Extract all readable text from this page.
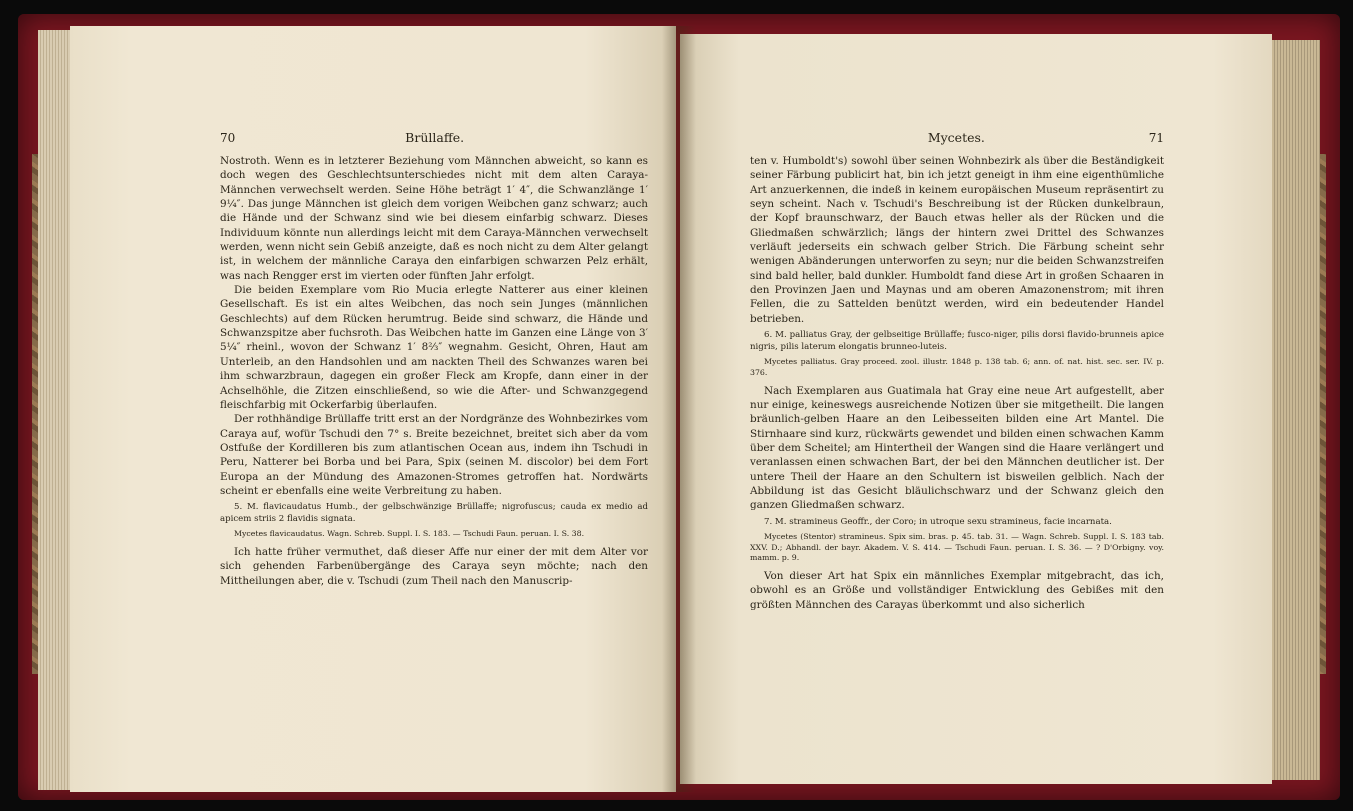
70	Brüllaffe.

Nostroth. Wenn es in letzterer Beziehung vom Männchen abweicht, so kann es doch wegen des Geschlechtsunterschiedes nicht mit dem alten Caraya-Männchen verwechselt werden. Seine Höhe beträgt 1′ 4″, die Schwanzlänge 1′ 9¼″. Das junge Männchen ist gleich dem vorigen Weibchen ganz schwarz; auch die Hände und der Schwanz sind wie bei diesem einfarbig schwarz. Dieses Individuum könnte nun allerdings leicht mit dem Caraya-Männchen verwechselt werden, wenn nicht sein Gebiß anzeigte, daß es noch nicht zu dem Alter gelangt ist, in welchem der männliche Caraya den einfarbigen schwarzen Pelz erhält, was nach Rengger erst im vierten oder fünften Jahr erfolgt.

Die beiden Exemplare vom Rio Mucia erlegte Natterer aus einer kleinen Gesellschaft. Es ist ein altes Weibchen, das noch sein Junges (männlichen Geschlechts) auf dem Rücken herumtrug. Beide sind schwarz, die Hände und Schwanzspitze aber fuchsroth. Das Weibchen hatte im Ganzen eine Länge von 3′ 5¼″ rheinl., wovon der Schwanz 1′ 8⅔″ wegnahm. Gesicht, Ohren, Haut am Unterleib, an den Handsohlen und am nackten Theil des Schwanzes waren bei ihm schwarzbraun, dagegen ein großer Fleck am Kropfe, dann einer in der Achselhöhle, die Zitzen einschließend, so wie die After- und Schwanzgegend fleischfarbig mit Ockerfarbig überlaufen.

Der rothhändige Brüllaffe tritt erst an der Nordgränze des Wohnbezirkes vom Caraya auf, wofür Tschudi den 7° s. Breite bezeichnet, breitet sich aber da vom Ostfuße der Kordilleren bis zum atlantischen Ocean aus, indem ihn Tschudi in Peru, Natterer bei Borba und bei Para, Spix (seinen M. discolor) bei dem Fort Europa an der Mündung des Amazonen-Stromes getroffen hat. Nordwärts scheint er ebenfalls eine weite Verbreitung zu haben.

5. M. flavicaudatus Humb., der gelbschwänzige Brüllaffe; nigrofuscus; cauda ex medio ad apicem striis 2 flavidis signata.

Mycetes flavicaudatus. Wagn. Schreb. Suppl. I. S. 183. — Tschudi Faun. peruan. I. S. 38.

Ich hatte früher vermuthet, daß dieser Affe nur einer der mit dem Alter vor sich gehenden Farbenübergänge des Caraya seyn möchte; nach den Mittheilungen aber, die v. Tschudi (zum Theil nach den Manuscrip-

Mycetes.	71

ten v. Humboldt's) sowohl über seinen Wohnbezirk als über die Beständigkeit seiner Färbung publicirt hat, bin ich jetzt geneigt in ihm eine eigenthümliche Art anzuerkennen, die indeß in keinem europäischen Museum repräsentirt zu seyn scheint. Nach v. Tschudi's Beschreibung ist der Rücken dunkelbraun, der Kopf braunschwarz, der Bauch etwas heller als der Rücken und die Gliedmaßen schwärzlich; längs der hintern zwei Drittel des Schwanzes verläuft jederseits ein schwach gelber Strich. Die Färbung scheint sehr wenigen Abänderungen unterworfen zu seyn; nur die beiden Schwanzstreifen sind bald heller, bald dunkler. Humboldt fand diese Art in großen Schaaren in den Provinzen Jaen und Maynas und am oberen Amazonenstrom; mit ihren Fellen, die zu Sattelden benützt werden, wird ein bedeutender Handel betrieben.

6. M. palliatus Gray, der gelbseitige Brüllaffe; fusco-niger, pilis dorsi flavido-brunneis apice nigris, pilis laterum elongatis brunneo-luteis.

Mycetes palliatus. Gray proceed. zool. illustr. 1848 p. 138 tab. 6; ann. of. nat. hist. sec. ser. IV. p. 376.

Nach Exemplaren aus Guatimala hat Gray eine neue Art aufgestellt, aber nur einige, keineswegs ausreichende Notizen über sie mitgetheilt. Die langen bräunlich-gelben Haare an den Leibesseiten bilden eine Art Mantel. Die Stirnhaare sind kurz, rückwärts gewendet und bilden einen schwachen Kamm über dem Scheitel; am Hintertheil der Wangen sind die Haare verlängert und veranlassen einen schwachen Bart, der bei den Männchen deutlicher ist. Der untere Theil der Haare an den Schultern ist bisweilen gelblich. Nach der Abbildung ist das Gesicht bläulichschwarz und der Schwanz gleich den ganzen Gliedmaßen schwarz.

7. M. stramineus Geoffr., der Coro; in utroque sexu stramineus, facie incarnata.

Mycetes (Stentor) stramineus. Spix sim. bras. p. 45. tab. 31. — Wagn. Schreb. Suppl. I. S. 183 tab. XXV. D.; Abhandl. der bayr. Akadem. V. S. 414. — Tschudi Faun. peruan. I. S. 36. — ? D'Orbigny. voy. mamm. p. 9.

Von dieser Art hat Spix ein männliches Exemplar mitgebracht, das ich, obwohl es an Größe und vollständiger Entwicklung des Gebißes mit den größten Männchen des Carayas überkommt und also sicherlich
